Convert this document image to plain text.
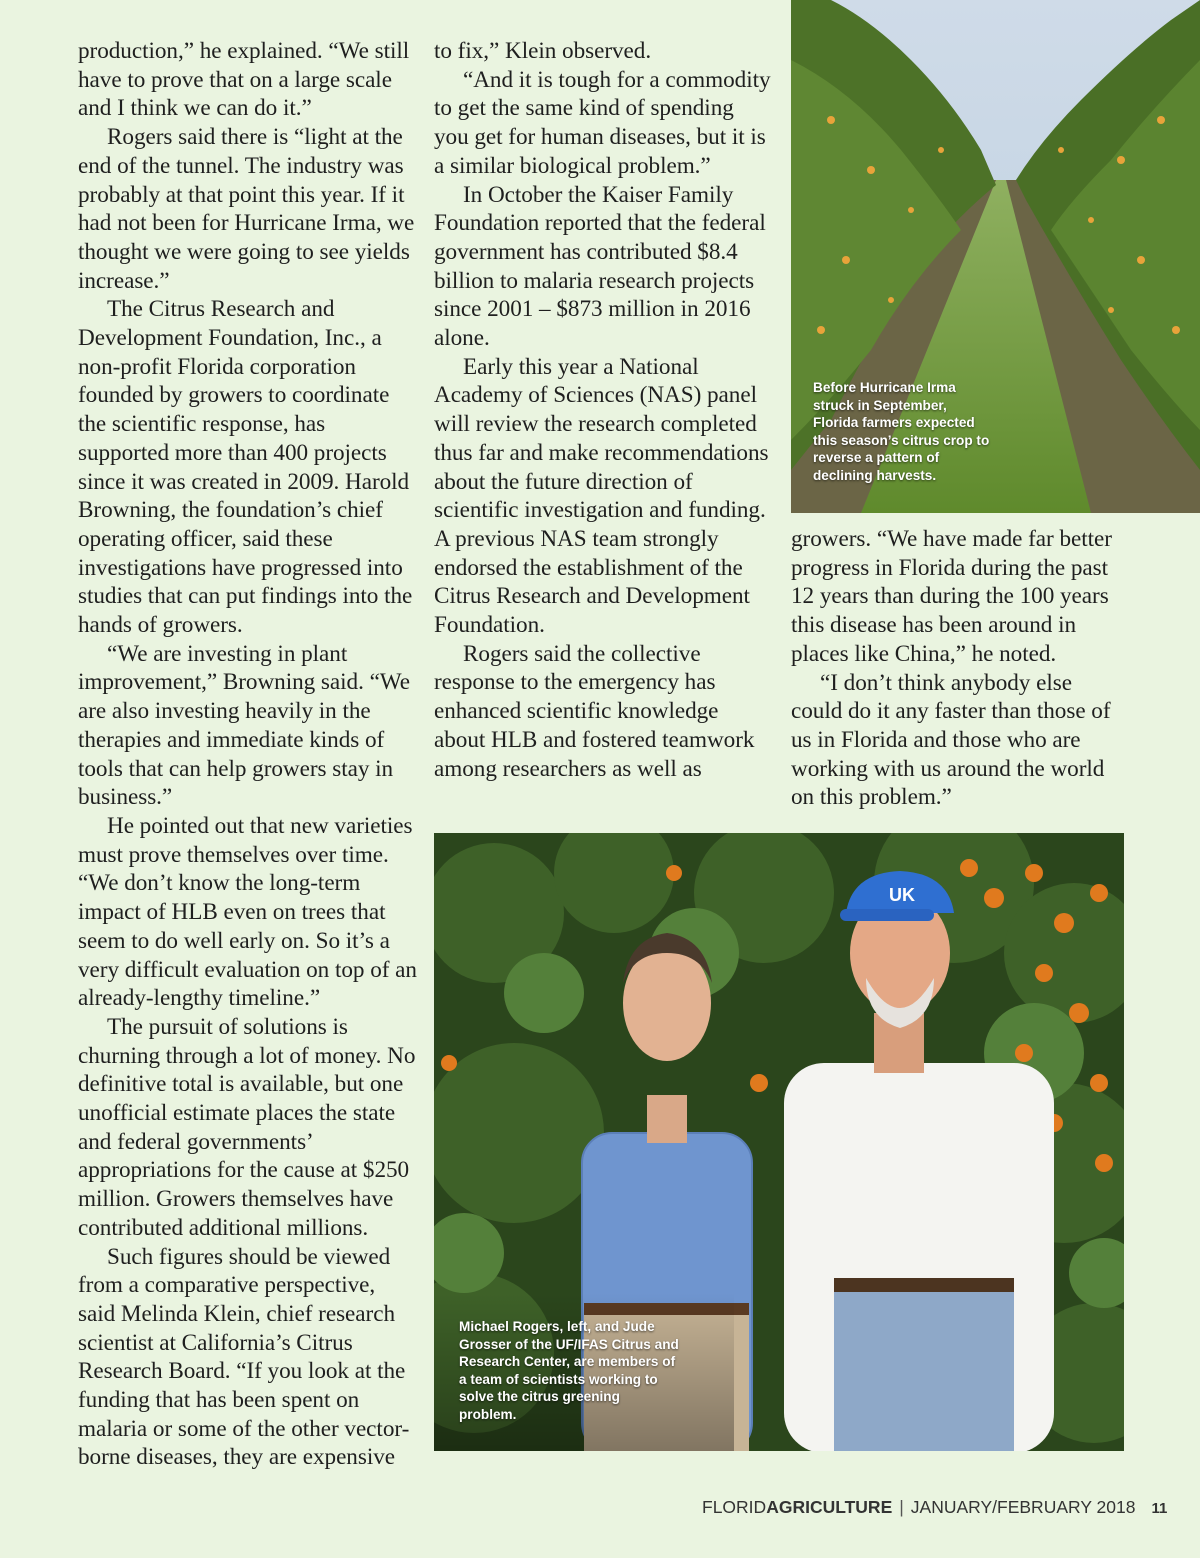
production,” he explained. “We still have to prove that on a large scale and I think we can do it.”

Rogers said there is “light at the end of the tunnel. The industry was probably at that point this year. If it had not been for Hurricane Irma, we thought we were going to see yields increase.”

The Citrus Research and Development Foundation, Inc., a non-profit Florida corporation founded by growers to coordinate the scientific response, has supported more than 400 projects since it was created in 2009. Harold Browning, the foundation’s chief operating officer, said these investigations have progressed into studies that can put findings into the hands of growers.

“We are investing in plant improvement,” Browning said. “We are also investing heavily in the therapies and immediate kinds of tools that can help growers stay in business.”

He pointed out that new varieties must prove themselves over time. “We don’t know the long-term impact of HLB even on trees that seem to do well early on. So it’s a very difficult evaluation on top of an already-lengthy timeline.”

The pursuit of solutions is churning through a lot of money. No definitive total is available, but one unofficial estimate places the state and federal governments’ appropriations for the cause at $250 million. Growers themselves have contributed additional millions.

Such figures should be viewed from a comparative perspective, said Melinda Klein, chief research scientist at California’s Citrus Research Board. “If you look at the funding that has been spent on malaria or some of the other vector-borne diseases, they are expensive

to fix,” Klein observed.

“And it is tough for a commodity to get the same kind of spending you get for human diseases, but it is a similar biological problem.”

In October the Kaiser Family Foundation reported that the federal government has contributed $8.4 billion to malaria research projects since 2001 – $873 million in 2016 alone.

Early this year a National Academy of Sciences (NAS) panel will review the research completed thus far and make recommendations about the future direction of scientific investigation and funding. A previous NAS team strongly endorsed the establishment of the Citrus Research and Development Foundation.

Rogers said the collective response to the emergency has enhanced scientific knowledge about HLB and fostered teamwork among researchers as well as

growers. “We have made far better progress in Florida during the past 12 years than during the 100 years this disease has been around in places like China,” he noted.

“I don’t think anybody else could do it any faster than those of us in Florida and those who are working with us around the world on this problem.”

Before Hurricane Irma struck in September, Florida farmers expected this season’s citrus crop to reverse a pattern of declining harvests.
UK
Michael Rogers, left, and Jude Grosser of the UF/IFAS Citrus and Research Center, are members of a team of scientists working to solve the citrus greening problem.
FLORIDAGRICULTURE | JANUARY/FEBRUARY 2018 11
